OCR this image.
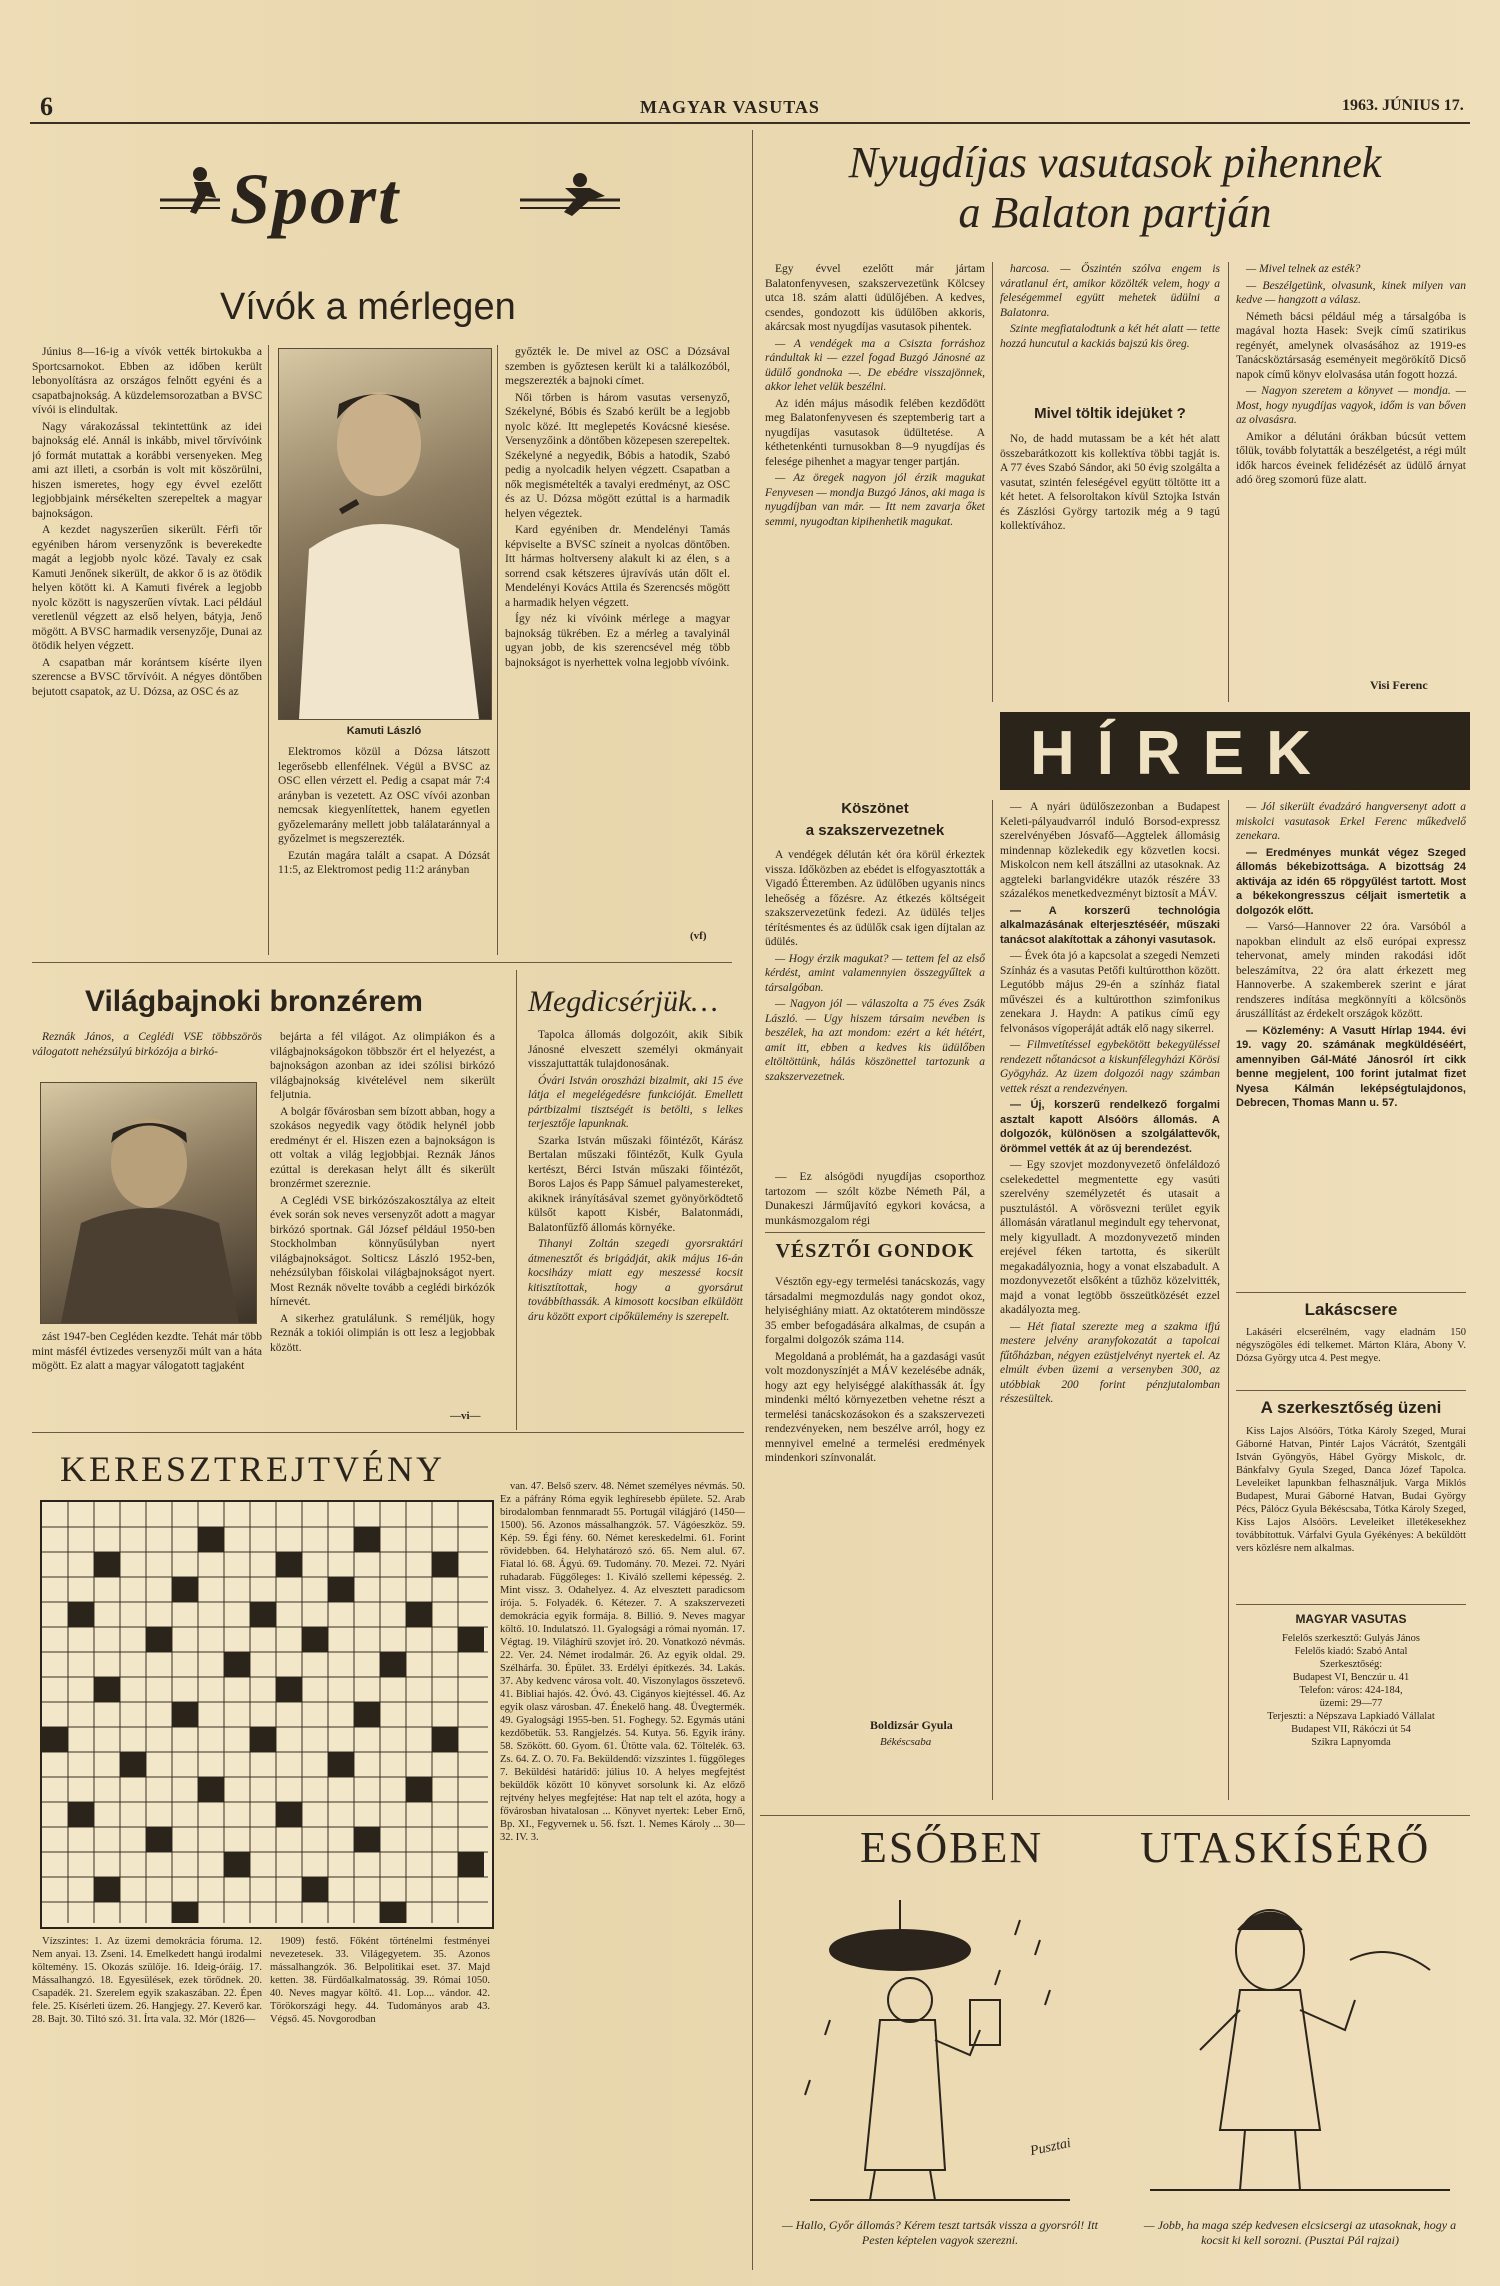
6	MAGYAR VASUTAS	1963. JÚNIUS 17.
Sport
Vívók a mérlegen

Június 8—16-ig a vívók vették birtokukba a Sportcsarnokot. Ebben az időben került lebonyolításra az országos felnőtt egyéni és a csapatbajnokság. A küzdelemsorozatban a BVSC vívói is elindultak.

Nagy várakozással tekintettünk az idei bajnokság elé. Annál is inkább, mivel tőrvívóink jó formát mutattak a korábbi versenyeken. Meg ami azt illeti, a csorbán is volt mit köszörülni, hiszen ismeretes, hogy egy évvel ezelőtt legjobbjaink mérsékelten szerepeltek a magyar bajnokságon.

A kezdet nagyszerűen sikerült. Férfi tőr egyéniben három versenyzőnk is beverekedte magát a legjobb nyolc közé. Tavaly ez csak Kamuti Jenőnek sikerült, de akkor ő is az ötödik helyen kötött ki. A Kamuti fivérek a legjobb nyolc között is nagyszerűen vívtak. Laci például veretlenül végzett az első helyen, bátyja, Jenő mögött. A BVSC harmadik versenyzője, Dunai az ötödik helyen végzett.

A csapatban már korántsem kísérte ilyen szerencse a BVSC tőrvívóit. A négyes döntőben bejutott csapatok, az U. Dózsa, az OSC és az

Kamuti László

Elektromos közül a Dózsa látszott legerősebb ellenfélnek. Végül a BVSC az OSC ellen vérzett el. Pedig a csapat már 7:4 arányban is vezetett. Az OSC vívói azonban nemcsak kiegyenlítettek, hanem egyetlen győzelemarány mellett jobb találataránnyal a győzelmet is megszerezték.

Ezután magára talált a csapat. A Dózsát 11:5, az Elektromost pedig 11:2 arányban

győzték le. De mivel az OSC a Dózsával szemben is győztesen került ki a találkozóból, megszerezték a bajnoki címet.

Női tőrben is három vasutas versenyző, Székelyné, Bóbis és Szabó került be a legjobb nyolc közé. Itt meglepetés Kovácsné kiesése. Versenyzőink a döntőben közepesen szerepeltek. Székelyné a negyedik, Bóbis a hatodik, Szabó pedig a nyolcadik helyen végzett. Csapatban a nők megismételték a tavalyi eredményt, az OSC és az U. Dózsa mögött ezúttal is a harmadik helyen végeztek.

Kard egyéniben dr. Mendelényi Tamás képviselte a BVSC színeit a nyolcas döntőben. Itt hármas holtverseny alakult ki az élen, s a sorrend csak kétszeres újravívás után dőlt el. Mendelényi Kovács Attila és Szerencsés mögött a harmadik helyen végzett.

Így néz ki vívóink mérlege a magyar bajnokság tükrében. Ez a mérleg a tavalyinál ugyan jobb, de kis szerencsével még több bajnokságot is nyerhettek volna legjobb vívóink.

(vf)
Világbajnoki bronzérem

Reznák János, a Ceglédi VSE többszörös válogatott nehézsúlyú birkózója a birkó-

zást 1947-ben Cegléden kezdte. Tehát már több mint másfél évtizedes versenyzői múlt van a háta mögött. Ez alatt a magyar válogatott tagjaként

bejárta a fél világot. Az olimpiákon és a világbajnokságokon többször ért el helyezést, a bajnokságon azonban az idei szólisi birkózó világbajnokság kivételével nem sikerült feljutnia.

A bolgár fővárosban sem bízott abban, hogy a szokásos negyedik vagy ötödik helynél jobb eredményt ér el. Hiszen ezen a bajnokságon is ott voltak a világ legjobbjai. Reznák János ezúttal is derekasan helyt állt és sikerült bronzérmet szereznie.

A Ceglédi VSE birkózószakosztálya az elteit évek során sok neves versenyzőt adott a magyar birkózó sportnak. Gál József például 1950-ben Stockholmban könnyűsúlyban nyert világbajnokságot. Solticsz László 1952-ben, nehézsúlyban főiskolai világbajnokságot nyert. Most Reznák növelte tovább a ceglédi birkózók hírnevét.

A sikerhez gratulálunk. S reméljük, hogy Reznák a tokiói olimpián is ott lesz a legjobbak között.

—vi—
Megdicsérjük…

Tapolca állomás dolgozóit, akik Sibik Jánosné elveszett személyi okmányait visszajuttatták tulajdonosának.

Óvári István oroszházi bizalmit, aki 15 éve látja el megelégedésre funkcióját. Emellett pártbizalmi tisztségét is betölti, s lelkes terjesztője lapunknak.

Szarka István műszaki főintézőt, Kárász Bertalan műszaki főintézőt, Kulk Gyula kertészt, Bérci István műszaki főintézőt, Boros Lajos és Papp Sámuel palyamestereket, akiknek irányításával szemet gyönyörködtető külsőt kapott Kisbér, Balatonmádi, Balatonfűzfő állomás környéke.

Tihanyi Zoltán szegedi gyorsraktári átmenesztőt és brigádját, akik május 16-án kocsiházy miatt egy meszessé kocsit kitisztítottak, hogy a gyorsárut továbbíthassák. A kimosott kocsiban elküldött áru között export cipőkülemény is szerepelt.

KERESZTREJTVÉNY	van. 47. Belső szerv. 48. Német személyes névmás. 50. Ez a páfrány Róma egyik leghíresebb épülete. 52. Arab birodalomban fennmaradt 55. Portugál világjáró (1450—1500). 56. Azonos mássalhangzók. 57. Vágóeszköz. 59. Kép. 59. Égi fény. 60. Német kereskedelmi. 61. Forint rövidebben. 64. Helyhatározó szó. 65. Nem alul. 67. Fiatal ló. 68. Ágyú. 69. Tudomány. 70. Mezei. 72. Nyári ruhadarab. Függőleges: 1. Kiváló szellemi képesség. 2. Mint vissz. 3. Odahelyez. 4. Az elvesztett paradicsom írója. 5. Folyadék. 6. Kétezer. 7. A szakszervezeti demokrácia egyik formája. 8. Billió. 9. Neves magyar költő. 10. Indulatszó. 11. Gyalogsági a római nyomán. 17. Végtag. 19. Világhírű szovjet író. 20. Vonatkozó névmás. 22. Ver. 24. Német irodalmár. 26. Az egyik oldal. 29. Szélhárfa. 30. Épület. 33. Erdélyi építkezés. 34. Lakás. 37. Aby kedvenc városa volt. 40. Viszonylagos összetevő. 41. Bibliai hajós. 42. Óvó. 43. Cigányos kiejtéssel. 46. Az egyik olasz városban. 47. Énekelő hang. 48. Üvegtermék. 49. Gyalogsági 1955-ben. 51. Foghegy. 52. Egymás utáni kezdőbetűk. 53. Rangjelzés. 54. Kutya. 56. Egyik irány. 58. Szökött. 60. Gyom. 61. Ütötte vala. 62. Töltelék. 63. Zs. 64. Z. O. 70. Fa. Beküldendő: vízszintes 1. függőleges 7. Beküldési határidő: július 10. A helyes megfejtést beküldők között 10 könyvet sorsolunk ki. Az előző rejtvény helyes megfejtése: Hat nap telt el azóta, hogy a fővárosban hivatalosan ... Könyvet nyertek: Leber Ernő, Bp. XI., Fegyvernek u. 56. fszt. 1. Nemes Károly ... 30—32. IV. 3.

Vízszintes: 1. Az üzemi demokrácia fóruma. 12. Nem anyai. 13. Zseni. 14. Emelkedett hangú irodalmi költemény. 15. Okozás szülője. 16. Ideig-óráig. 17. Mássalhangzó. 18. Egyesülések, ezek törődnek. 20. Csapadék. 21. Szerelem egyik szakaszában. 22. Épen fele. 25. Kísérleti üzem. 26. Hangjegy. 27. Keverő kar. 28. Bajt. 30. Tiltó szó. 31. Írta vala. 32. Mór (1826—

1909) festő. Főként történelmi festményei nevezetesek. 33. Világegyetem. 35. Azonos mássalhangzók. 36. Belpolitikai eset. 37. Majd ketten. 38. Fürdőalkalmatosság. 39. Római 1050. 40. Neves magyar költő. 41. Lop.... vándor. 42. Törökországi hegy. 44. Tudományos arab 43. Végső. 45. Novgorodban

Nyugdíjas vasutasok pihennek
a Balaton partján

Egy évvel ezelőtt már jártam Balatonfenyvesen, szakszervezetünk Kölcsey utca 18. szám alatti üdülőjében. A kedves, csendes, gondozott kis üdülőben akkoris, akárcsak most nyugdíjas vasutasok pihentek.

— A vendégek ma a Csiszta forráshoz rándultak ki — ezzel fogad Buzgó Jánosné az üdülő gondnoka —. De ebédre visszajönnek, akkor lehet velük beszélni.

Az idén május második felében kezdődött meg Balatonfenyvesen és szeptemberig tart a nyugdíjas vasutasok üdültetése. A kéthetenkénti turnusokban 8—9 nyugdíjas és felesége pihenhet a magyar tenger partján.

— Az öregek nagyon jól érzik magukat Fenyvesen — mondja Buzgó János, aki maga is nyugdíjban van már. — Itt nem zavarja őket semmi, nyugodtan kipihenhetik magukat.

Köszönet
a szakszervezetnek

A vendégek délután két óra körül érkeztek vissza. Időközben az ebédet is elfogyasztották a Vigadó Étteremben. Az üdülőben ugyanis nincs leheőség a főzésre. Az étkezés költségeit szakszervezetünk fedezi. Az üdülés teljes térítésmentes és az üdülők csak igen díjtalan az üdülés.

— Hogy érzik magukat? — tettem fel az első kérdést, amint valamennyien összegyűltek a társalgóban.

— Nagyon jól — válaszolta a 75 éves Zsák László. — Ugy hiszem társaim nevében is beszélek, ha azt mondom: ezért a két hétért, amit itt, ebben a kedves kis üdülőben eltöltöttünk, hálás köszönettel tartozunk a szakszervezetnek.

harcosa. — Őszintén szólva engem is váratlanul ért, amikor közölték velem, hogy a feleségemmel együtt mehetek üdülni a Balatonra.

Szinte megfiatalodtunk a két hét alatt — tette hozzá huncutul a kackiás bajszú kis öreg.

Mivel töltik idejüket ?

No, de hadd mutassam be a két hét alatt összebarátkozott kis kollektíva többi tagját is. A 77 éves Szabó Sándor, aki 50 évig szolgálta a vasutat, szintén feleségével együtt töltötte itt a két hetet. A felsoroltakon kívül Sztojka István és Zászlósi György tartozik még a 9 tagú kollektívához.

— Mivel telnek az esték?

— Beszélgetünk, olvasunk, kinek milyen van kedve — hangzott a válasz.

Németh bácsi például még a társalgóba is magával hozta Hasek: Svejk című szatirikus regényét, amelynek olvasásához az 1919-es Tanácsköztársaság eseményeit megörökítő Dicső napok című könyv elolvasása után fogott hozzá.

— Nagyon szeretem a könyvet — mondja. — Most, hogy nyugdíjas vagyok, időm is van bőven az olvasásra.

Amikor a délutáni órákban búcsút vettem tőlük, tovább folytatták a beszélgetést, a régi múlt idők harcos éveinek felidézését az üdülő árnyat adó öreg szomorú füze alatt.

Visi Ferenc
HÍREK

— A nyári üdülőszezonban a Budapest Keleti-pályaudvarról induló Borsod-expressz szerelvényében Jósvafő—Aggtelek állomásig mindennap közlekedik egy közvetlen kocsi. Miskolcon nem kell átszállni az utasoknak. Az aggteleki barlangvidékre utazók részére 33 százalékos menetkedvezményt biztosít a MÁV.

— A korszerű technológia alkalmazásának elterjesztéséér, műszaki tanácsot alakítottak a záhonyi vasutasok.

— Évek óta jó a kapcsolat a szegedi Nemzeti Színház és a vasutas Petőfi kultúrotthon között. Legutóbb május 29-én a színház fiatal művészei és a kultúrotthon szimfonikus zenekara J. Haydn: A patikus című egy felvonásos vígoperáját adták elő nagy sikerrel.

— Filmvetítéssel egybekötött bekegyüléssel rendezett nőtanácsot a kiskunfélegyházi Körösi Gyögyház. Az üzem dolgozói nagy számban vettek részt a rendezvényen.

— Új, korszerű rendelkező forgalmi asztalt kapott Alsóörs állomás. A dolgozók, különösen a szolgálattevők, örömmel vették át az új berendezést.

— Egy szovjet mozdonyvezető önfeláldozó cselekedettel megmentette egy vasúti szerelvény személyzetét és utasait a pusztulástól. A vörösvezni terület egyik állomásán váratlanul megindult egy tehervonat, mely kigyulladt. A mozdonyvezető minden erejével féken tartotta, és sikerült megakadályoznia, hogy a vonat elszabadult. A mozdonyvezetőt elsőként a tűzhöz közelvitték, majd a vonat legtöbb összeütközését ezzel akadályozta meg.

— Hét fiatal szerezte meg a szakma ifjú mestere jelvény aranyfokozatát a tapolcai fűtőházban, négyen ezüstjelvényt nyertek el. Az elmúlt évben üzemi a versenyben 300, az utóbbiak 200 forint pénzjutalomban részesültek.

— Ez alsógödi nyugdíjas csoporthoz tartozom — szólt közbe Németh Pál, a Dunakeszi Járműjavító egykori kovácsa, a munkásmozgalom régi

— Jól sikerült évadzáró hangversenyt adott a miskolci vasutasok Erkel Ferenc műkedvelő zenekara.

— Eredményes munkát végez Szeged állomás békebizottsága. A bizottság 24 aktivája az idén 65 röpgyűlést tartott. Most a békekongresszus céljait ismertetik a dolgozók előtt.

— Varsó—Hannover 22 óra. Varsóból a napokban elindult az első európai expressz tehervonat, amely minden rakodási időt beleszámítva, 22 óra alatt érkezett meg Hannoverbe. A szakemberek szerint e járat rendszeres indítása megkönnyíti a kölcsönös áruszállítást az érdekelt országok között.

— Közlemény: A Vasutt Hírlap 1944. évi 19. vagy 20. számának megküldéséért, amennyiben Gál-Máté Jánosról írt cikk benne megjelent, 100 forint jutalmat fizet Nyesa Kálmán leképségtulajdonos, Debrecen, Thomas Mann u. 57.

Lakáscsere

Lakáséri elcserélném, vagy eladnám 150 négyszögöles édi telkemet. Márton Klára, Abony V. Dózsa György utca 4. Pest megye.

A szerkesztőség üzeni

Kiss Lajos Alsóörs, Tótka Károly Szeged, Murai Gáborné Hatvan, Pintér Lajos Vácrátót, Szentgáli István Gyöngyös, Hábel György Miskolc, dr. Bánkfalvy Gyula Szeged, Danca Józef Tapolca. Leveleiket lapunkban felhasználjuk. Varga Miklós Budapest, Murai Gáborné Hatvan, Budai György Pécs, Pálócz Gyula Békéscsaba, Tótka Károly Szeged, Kiss Lajos Alsóörs. Leveleiket illetékesekhez továbbítottuk. Várfalvi Gyula Gyékényes: A beküldött vers közlésre nem alkalmas.

MAGYAR VASUTAS
Felelős szerkesztő: Gulyás János
Felelős kiadó: Szabó Antal
Szerkesztőség:
Budapest VI, Benczúr u. 41
Telefon: város: 424-184,
üzemi: 29—77
Terjeszti: a Népszava Lapkiadó Vállalat
Budapest VII, Rákóczi út 54
Szikra Lapnyomda
VÉSZTŐI GONDOK

Vésztőn egy-egy termelési tanácskozás, vagy társadalmi megmozdulás nagy gondot okoz, helyiséghiány miatt. Az oktatóterem mindössze 35 ember befogadására alkalmas, de csupán a forgalmi dolgozók száma 114.

Megoldaná a problémát, ha a gazdasági vasút volt mozdonyszínjét a MÁV kezelésébe adnák, hogy azt egy helyiséggé alakíthassák át. Így mindenki méltó környezetben vehetne részt a termelési tanácskozásokon és a szakszervezeti rendezvényeken, nem beszélve arról, hogy ez mennyivel emelné a termelési eredmények mindenkori színvonalát.

Boldizsár Gyula
Békéscsaba
ESŐBEN UTASKÍSÉRŐ
Pusztai
— Hallo, Győr állomás? Kérem teszt tartsák vissza a gyorsról! Itt Pesten képtelen vagyok szerezni.
— Jobb, ha maga szép kedvesen elcsicsergi az utasoknak, hogy a kocsit ki kell sorozni. (Pusztai Pál rajzai)
